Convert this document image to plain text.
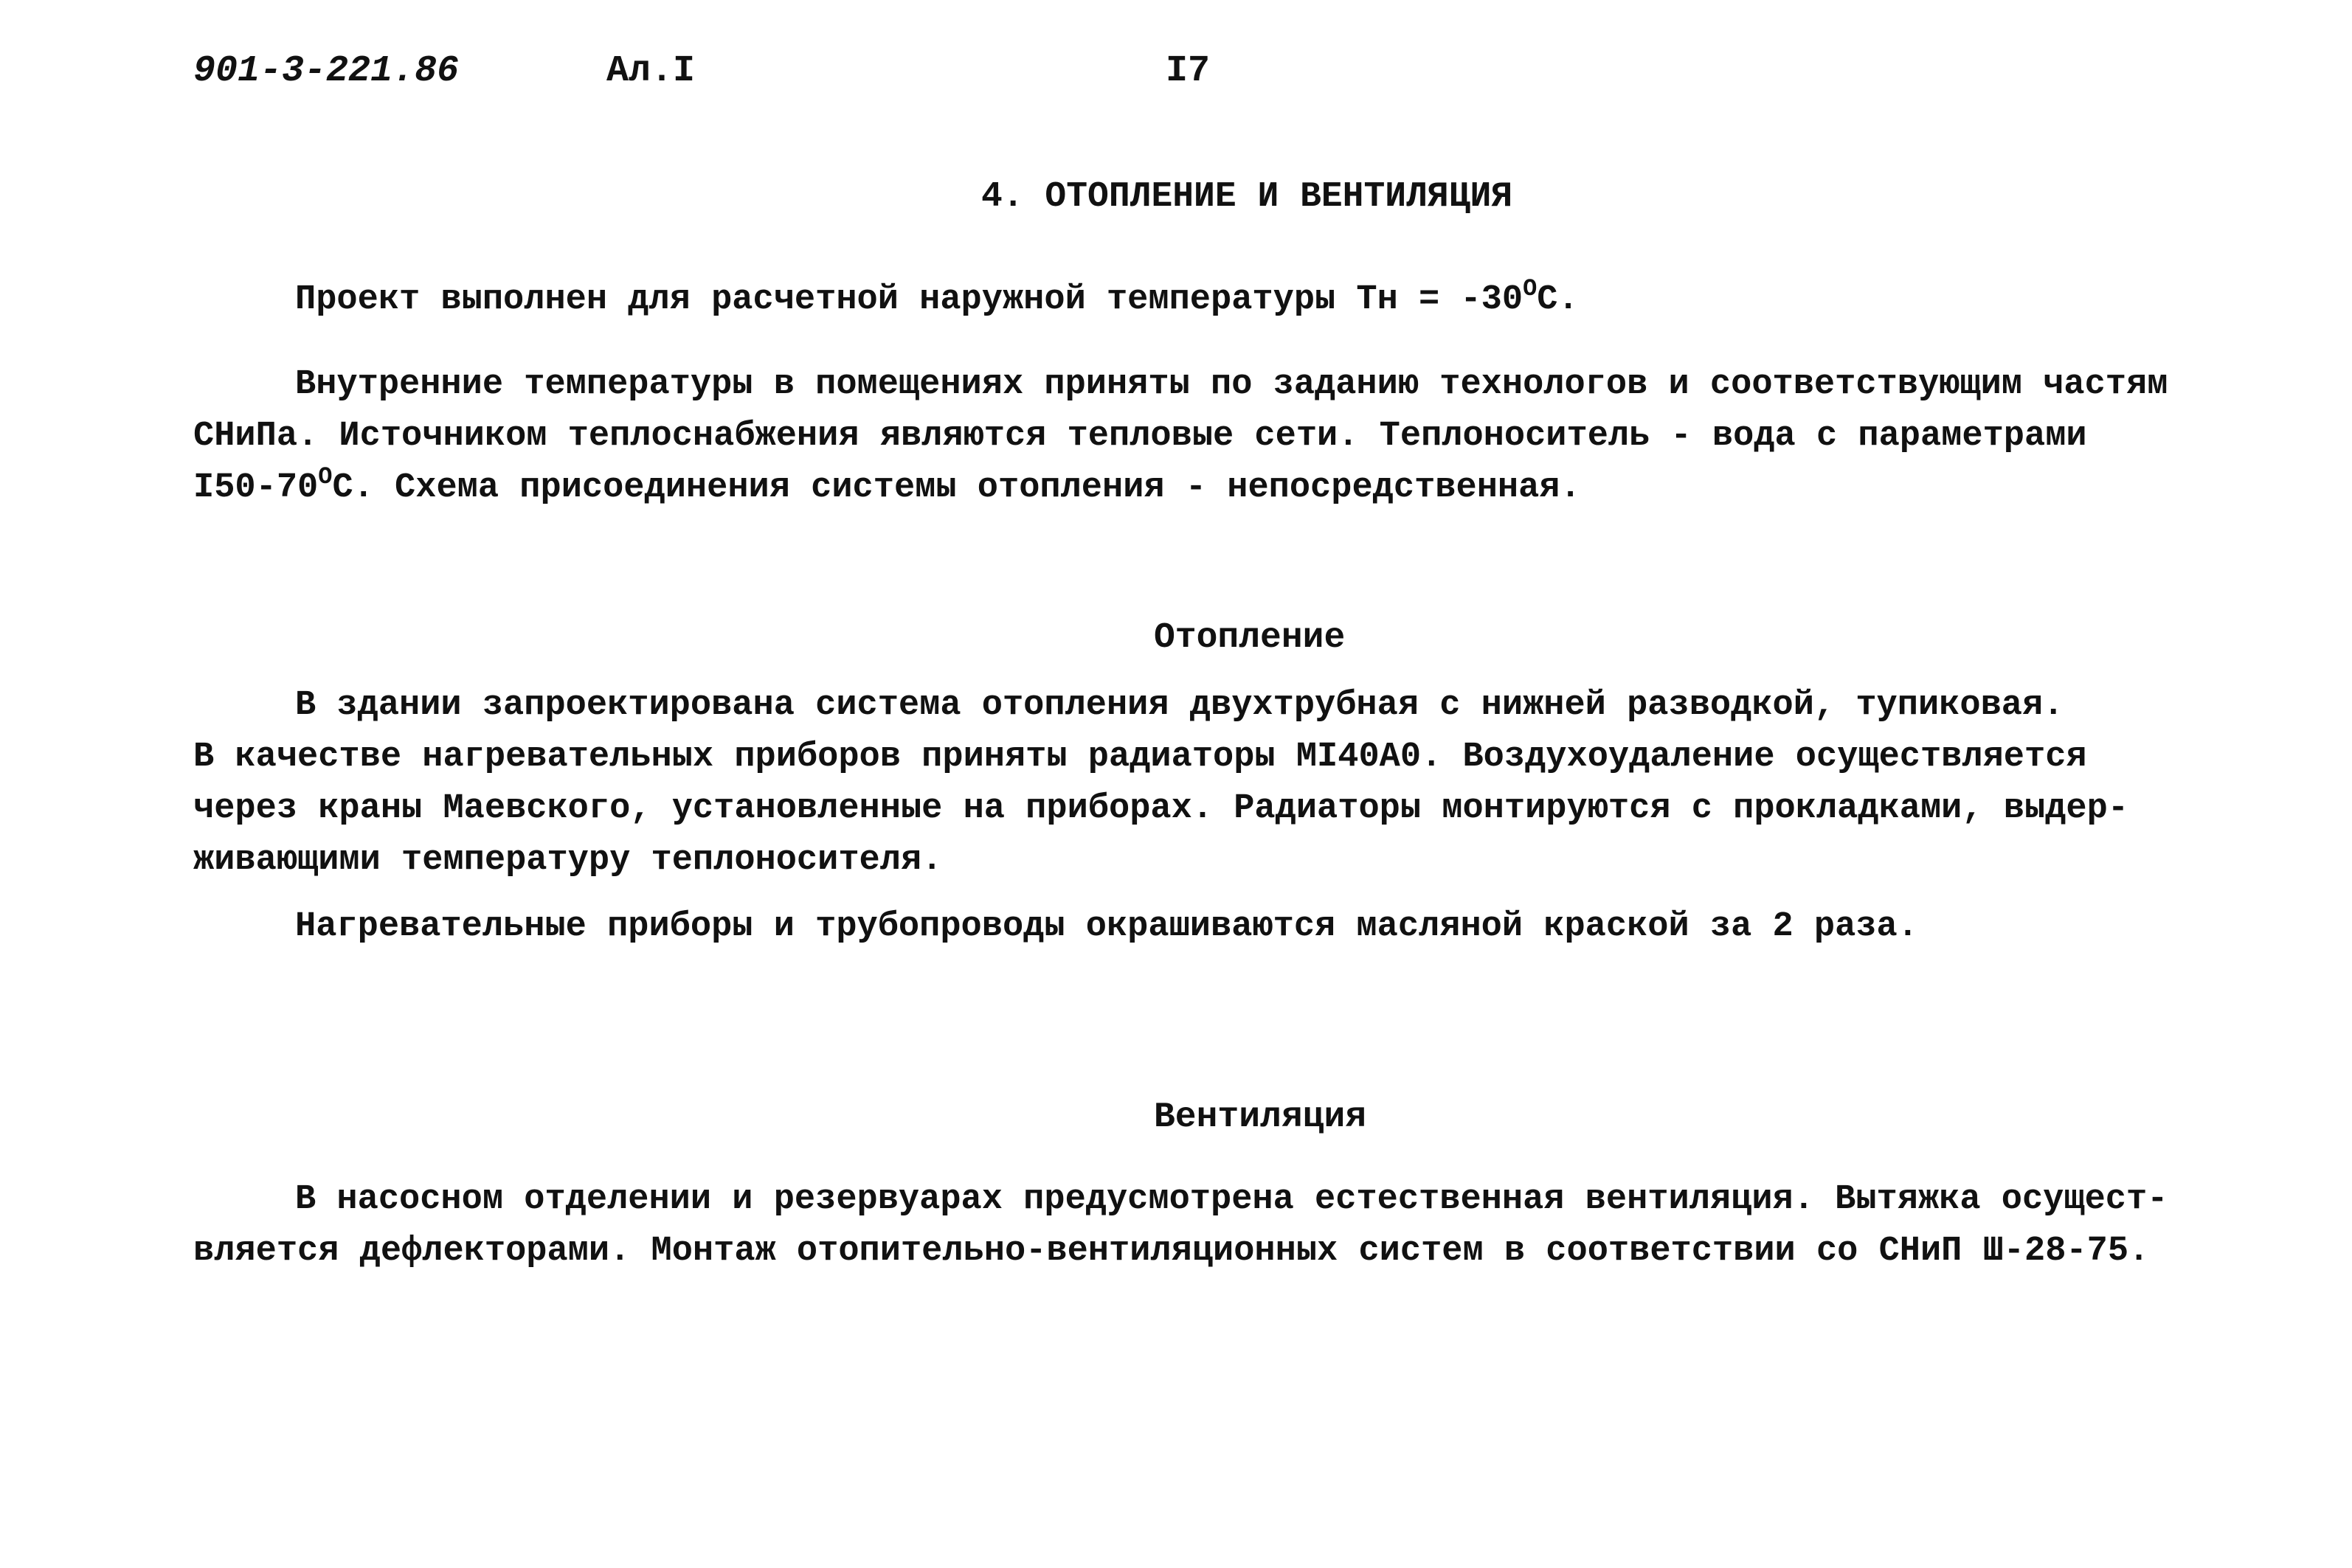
901-3-221.86	Ал.I	I7
4. ОТОПЛЕНИЕ И ВЕНТИЛЯЦИЯ
Проект выполнен для расчетной наружной температуры Тн = $-30^ОС$.
Внутренние температуры в помещениях приняты по заданию технологов и соответствующим частям
СНиПа. Источником теплоснабжения являются тепловые сети. Теплоноситель - вода с параметрами
$I50-70^ОС$. Схема присоединения системы отопления - непосредственная.
Отопление
В здании запроектирована система отопления двухтрубная с нижней разводкой, тупиковая.
В качестве нагревательных приборов приняты радиаторы МI40А0. Воздухоудаление осуществляется
через краны Маевского, установленные на приборах. Радиаторы монтируются с прокладками, выдер-
живающими температуру теплоносителя.
Нагревательные приборы и трубопроводы окрашиваются масляной краской за 2 раза.
Вентиляция
В насосном отделении и резервуарах предусмотрена естественная вентиляция. Вытяжка осущест-
вляется дефлекторами. Монтаж отопительно-вентиляционных систем в соответствии со СНиП Ш-28-75.
